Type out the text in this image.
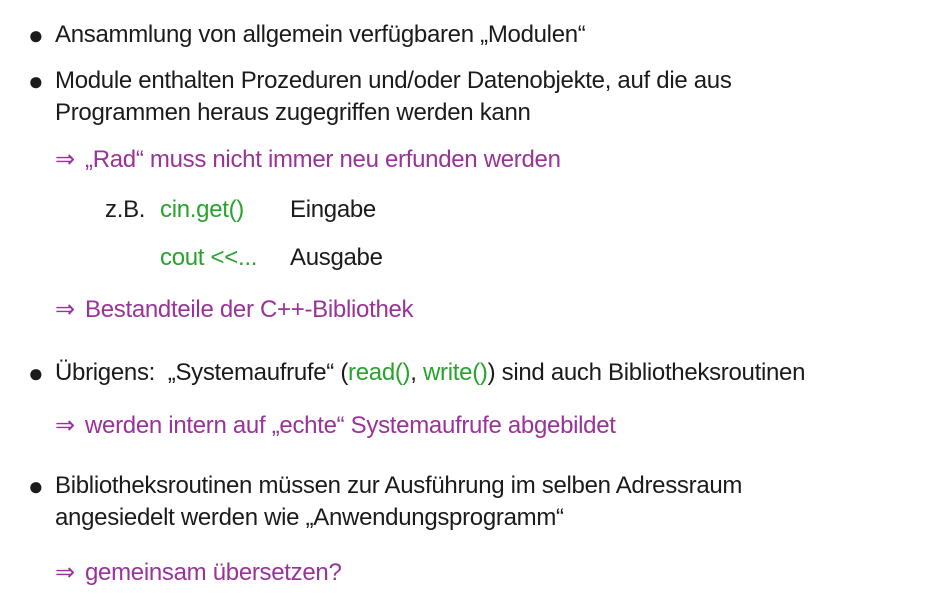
● Ansammlung von allgemein verfügbaren „Modulen“
● Module enthalten Prozeduren und/oder Datenobjekte, auf die aus
Programmen heraus zugegriffen werden kann
⇒ „Rad“ muss nicht immer neu erfunden werden
z.B. cin.get() Eingabe
cout <<... Ausgabe
⇒ Bestandteile der C++-Bibliothek
● Übrigens:  „Systemaufrufe“ (read(), write()) sind auch Bibliotheksroutinen
⇒ werden intern auf „echte“ Systemaufrufe abgebildet
● Bibliotheksroutinen müssen zur Ausführung im selben Adressraum
angesiedelt werden wie „Anwendungsprogramm“
⇒ gemeinsam übersetzen?
